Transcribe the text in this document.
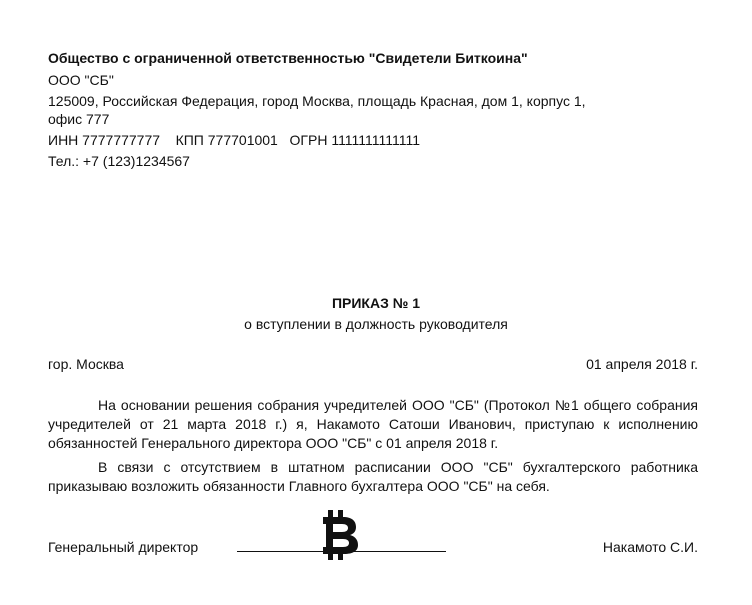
Общество с ограниченной ответственностью "Свидетели Биткоина"
ООО "СБ"
125009, Российская Федерация, город Москва, площадь Красная, дом 1, корпус 1,
офис 777
ИНН 7777777777    КПП 777701001   ОГРН 1111111111111
Тел.: +7 (123)1234567
ПРИКАЗ № 1
о вступлении в должность руководителя
гор. Москва	01 апреля 2018 г.
На основании решения собрания учредителей ООО "СБ" (Протокол №1 общего собрания учредителей от 21 марта 2018 г.) я, Накамото Сатоши Иванович, приступаю к исполнению обязанностей Генерального директора ООО "СБ" с 01 апреля 2018 г.
В связи с отсутствием в штатном расписании ООО "СБ" бухгалтерского работника приказываю возложить обязанности Главного бухгалтера ООО "СБ" на себя.
Генеральный директор	Накамото С.И.
